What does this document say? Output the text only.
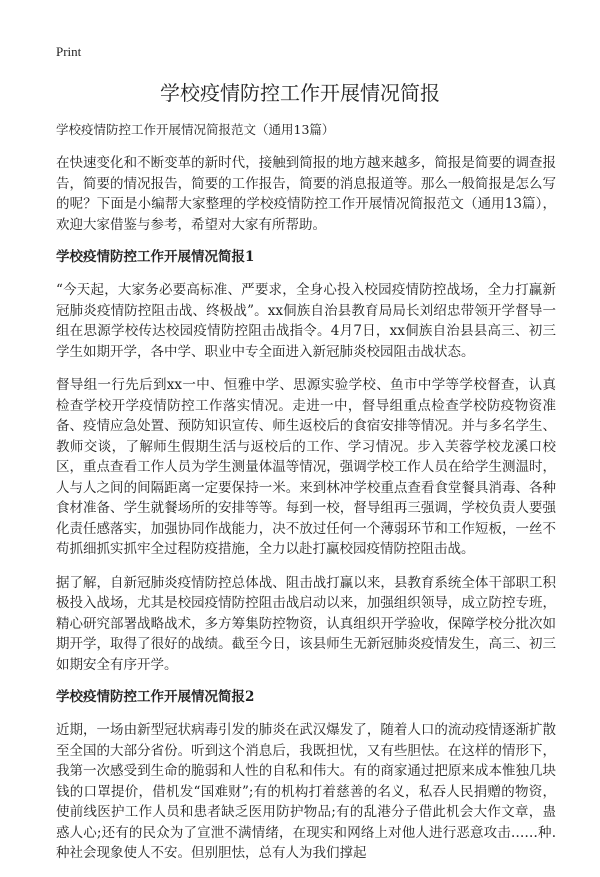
Print
学校疫情防控工作开展情况简报

学校疫情防控工作开展情况简报范文（通用13篇）

在快速变化和不断变革的新时代，接触到简报的地方越来越多，简报是简要的调查报告，简要的情况报告，简要的工作报告，简要的消息报道等。那么一般简报是怎么写的呢？下面是小编帮大家整理的学校疫情防控工作开展情况简报范文（通用13篇），欢迎大家借鉴与参考，希望对大家有所帮助。

学校疫情防控工作开展情况简报1

“今天起，大家务必要高标准、严要求，全身心投入校园疫情防控战场，全力打赢新冠肺炎疫情防控阻击战、终极战”。xx侗族自治县教育局局长刘绍忠带领开学督导一组在思源学校传达校园疫情防控阻击战指令。4月7日，xx侗族自治县县高三、初三学生如期开学，各中学、职业中专全面进入新冠肺炎校园阻击战状态。

督导组一行先后到xx一中、恒雅中学、思源实验学校、鱼市中学等学校督查，认真检查学校开学疫情防控工作落实情况。走进一中，督导组重点检查学校防疫物资准备、疫情应急处置、预防知识宣传、师生返校后的食宿安排等情况。并与多名学生、教师交谈，了解师生假期生活与返校后的工作、学习情况。步入芙蓉学校龙溪口校区，重点查看工作人员为学生测量体温等情况，强调学校工作人员在给学生测温时，人与人之间的间隔距离一定要保持一米。来到林冲学校重点查看食堂餐具消毒、各种食材准备、学生就餐场所的安排等等。每到一校，督导组再三强调，学校负责人要强化责任感落实，加强协同作战能力，决不放过任何一个薄弱环节和工作短板，一丝不苟抓细抓实抓牢全过程防疫措施，全力以赴打赢校园疫情防控阻击战。

据了解，自新冠肺炎疫情防控总体战、阻击战打赢以来，县教育系统全体干部职工积极投入战场，尤其是校园疫情防控阻击战启动以来，加强组织领导，成立防控专班，精心研究部署战略战术，多方筹集防控物资，认真组织开学验收，保障学校分批次如期开学，取得了很好的战绩。截至今日，该县师生无新冠肺炎疫情发生，高三、初三如期安全有序开学。

学校疫情防控工作开展情况简报2

近期，一场由新型冠状病毒引发的肺炎在武汉爆发了，随着人口的流动疫情逐渐扩散至全国的大部分省份。听到这个消息后，我既担忧，又有些胆怯。在这样的情形下，我第一次感受到生命的脆弱和人性的自私和伟大。有的商家通过把原来成本惟独几块钱的口罩提价，借机发“国难财”;有的机构打着慈善的名义，私吞人民捐赠的物资，使前线医护工作人员和患者缺乏医用防护物品;有的乱港分子借此机会大作文章，蛊惑人心;还有的民众为了宣泄不满情绪，在现实和网络上对他人进行恶意攻击……种.种社会现象使人不安。但别胆怯，总有人为我们撑起
